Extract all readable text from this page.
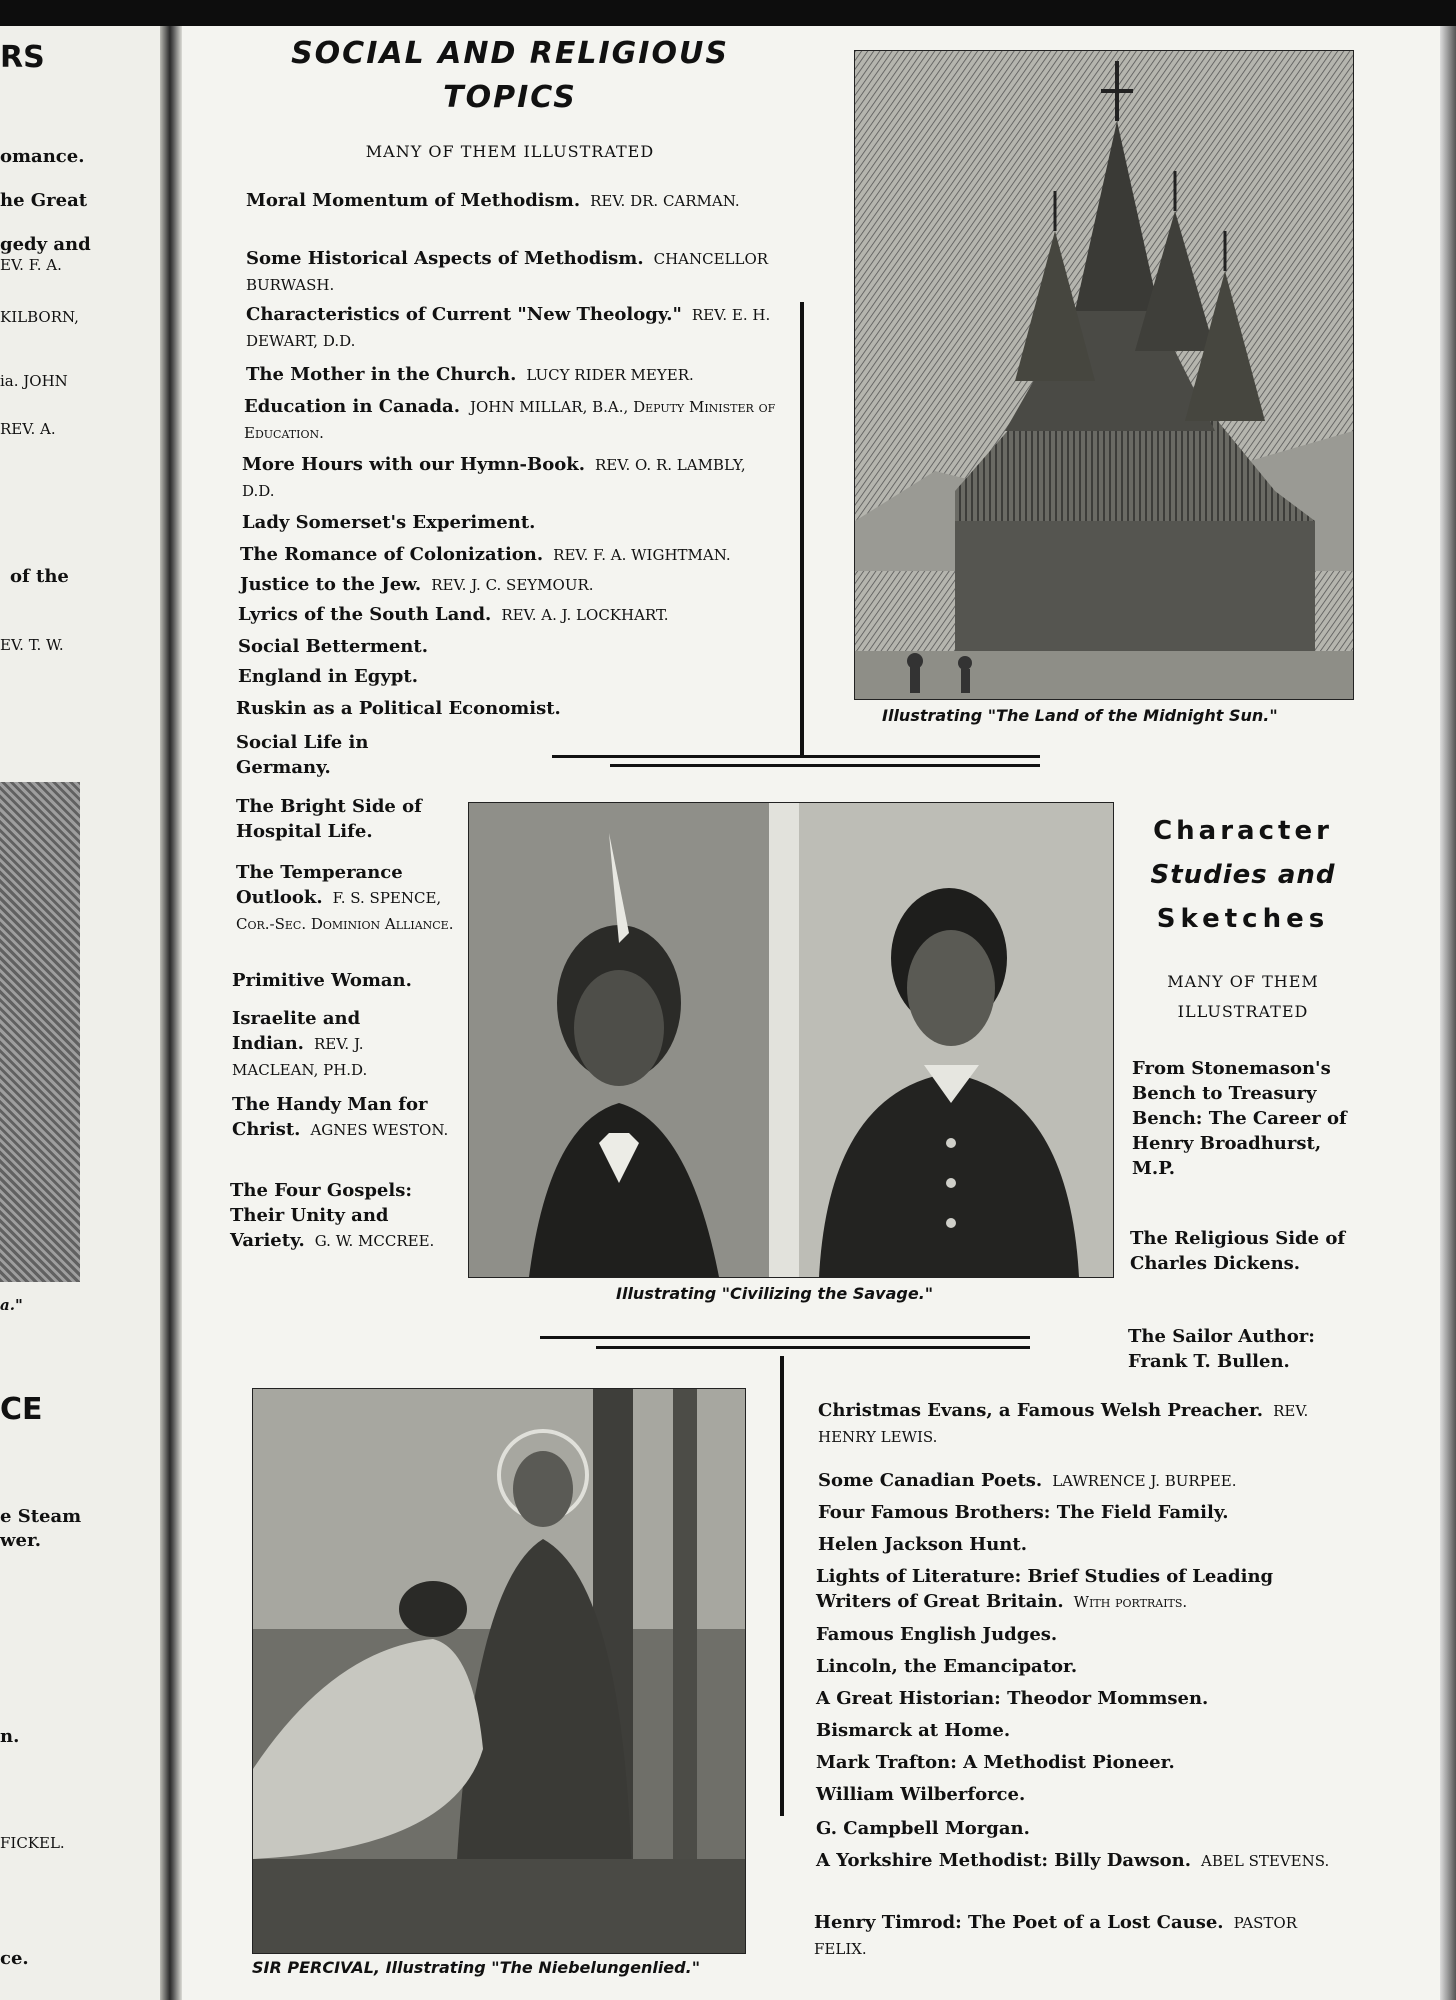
RS
omance.
he Great
gedy and
EV. F. A.
KILBORN,
ia. JOHN
REV. A.
of the
EV. T. W.
a."
CE
e Steam
wer.
n.
FICKEL.
ce.
SOCIAL AND RELIGIOUS
TOPICS
MANY OF THEM ILLUSTRATED
Moral Momentum of Methodism. REV. DR. CARMAN.
Some Historical Aspects of Methodism. CHANCELLOR BURWASH.
Characteristics of Current "New Theology." REV. E. H. DEWART, D.D.
The Mother in the Church. LUCY RIDER MEYER.
Education in Canada. JOHN MILLAR, B.A., Deputy Minister of Education.
More Hours with our Hymn-Book. REV. O. R. LAMBLY, D.D.
Lady Somerset's Experiment.
The Romance of Colonization. REV. F. A. WIGHTMAN.
Justice to the Jew. REV. J. C. SEYMOUR.
Lyrics of the South Land. REV. A. J. LOCKHART.
Social Betterment.
England in Egypt.
Ruskin as a Political Economist.
Social Life in Germany.
The Bright Side of Hospital Life.
The Temperance Outlook. F. S. SPENCE, Cor.-Sec. Dominion Alliance.
Primitive Woman.
Israelite and Indian. REV. J. MACLEAN, PH.D.
The Handy Man for Christ. AGNES WESTON.
The Four Gospels: Their Unity and Variety. G. W. MCCREE.
Illustrating "The Land of the Midnight Sun."
Illustrating "Civilizing the Savage."
Character
Studies and
Sketches
MANY OF THEM
ILLUSTRATED
From Stonemason's Bench to Treasury Bench: The Career of Henry Broadhurst, M.P.
The Religious Side of Charles Dickens.
The Sailor Author: Frank T. Bullen.
SIR PERCIVAL, Illustrating "The Niebelungenlied."
Christmas Evans, a Famous Welsh Preacher. REV. HENRY LEWIS.
Some Canadian Poets. LAWRENCE J. BURPEE.
Four Famous Brothers: The Field Family.
Helen Jackson Hunt.
Lights of Literature: Brief Studies of Leading Writers of Great Britain. With portraits.
Famous English Judges.
Lincoln, the Emancipator.
A Great Historian: Theodor Mommsen.
Bismarck at Home.
Mark Trafton: A Methodist Pioneer.
William Wilberforce.
G. Campbell Morgan.
A Yorkshire Methodist: Billy Dawson. ABEL STEVENS.
Henry Timrod: The Poet of a Lost Cause. PASTOR FELIX.
